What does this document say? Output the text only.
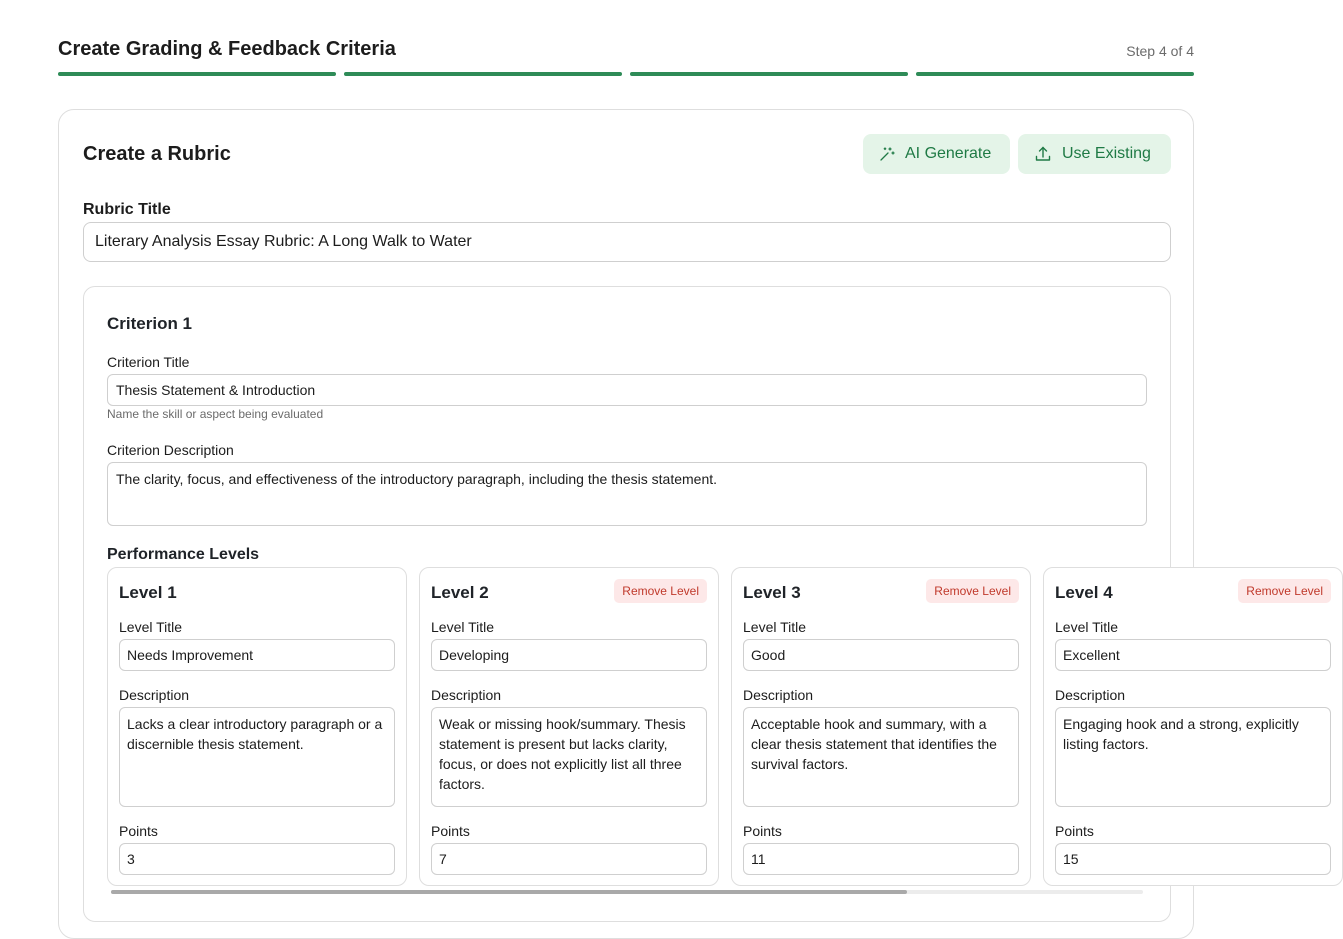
Create Grading & Feedback Criteria	Step 4 of 4
Create a Rubric	AI Generate	Use Existing
Rubric Title
Literary Analysis Essay Rubric: A Long Walk to Water
Criterion 1
Criterion Title
Thesis Statement & Introduction
Name the skill or aspect being evaluated
Criterion Description
The clarity, focus, and effectiveness of the introductory paragraph, including the thesis statement.
Performance Levels
Level 1
Level Title
Needs Improvement
Description
Lacks a clear introductory paragraph or a discernible thesis statement.
Points
3
Level 2	Remove Level
Level Title
Developing
Description
Weak or missing hook/summary. Thesis statement is present but lacks clarity, focus, or does not explicitly list all three factors.
Points
7
Level 3	Remove Level
Level Title
Good
Description
Acceptable hook and summary, with a clear thesis statement that identifies the survival factors.
Points
11
Level 4	Remove Level
Level Title
Excellent
Description
Engaging hook and a strong, explicitly listing factors.
Points
15
